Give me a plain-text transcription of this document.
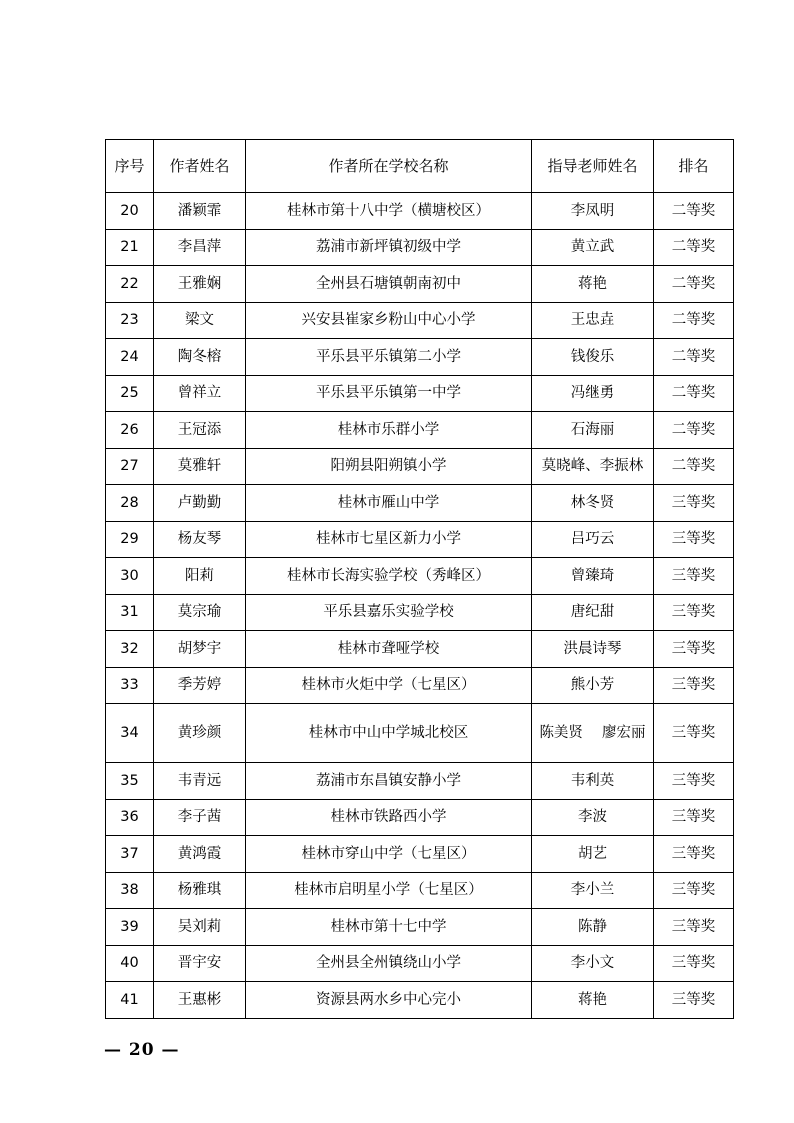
序号	作者姓名	作者所在学校名称	指导老师姓名	排名
20	潘颖霏	桂林市第十八中学（横塘校区）	李凤明	二等奖
21	李昌萍	荔浦市新坪镇初级中学	黄立武	二等奖
22	王雅娴	全州县石塘镇朝南初中	蒋艳	二等奖
23	梁文	兴安县崔家乡粉山中心小学	王忠垚	二等奖
24	陶冬榕	平乐县平乐镇第二小学	钱俊乐	二等奖
25	曾祥立	平乐县平乐镇第一中学	冯继勇	二等奖
26	王冠添	桂林市乐群小学	石海丽	二等奖
27	莫雅轩	阳朔县阳朔镇小学	莫晓峰、李振林	二等奖
28	卢勤勤	桂林市雁山中学	林冬贤	三等奖
29	杨友琴	桂林市七星区新力小学	吕巧云	三等奖
30	阳莉	桂林市长海实验学校（秀峰区）	曾臻琦	三等奖
31	莫宗瑜	平乐县嘉乐实验学校	唐纪甜	三等奖
32	胡梦宇	桂林市聋哑学校	洪晨诗琴	三等奖
33	季芳婷	桂林市火炬中学（七星区）	熊小芳	三等奖
34	黄珍颜	桂林市中山中学城北校区	陈美贤　 廖宏丽	三等奖
35	韦青远	荔浦市东昌镇安静小学	韦利英	三等奖
36	李子茜	桂林市铁路西小学	李波	三等奖
37	黄鸿霞	桂林市穿山中学（七星区）	胡艺	三等奖
38	杨雅琪	桂林市启明星小学（七星区）	李小兰	三等奖
39	吴刘莉	桂林市第十七中学	陈静	三等奖
40	晋宇安	全州县全州镇绕山小学	李小文	三等奖
41	王惠彬	资源县两水乡中心完小	蒋艳	三等奖
— 20 —
